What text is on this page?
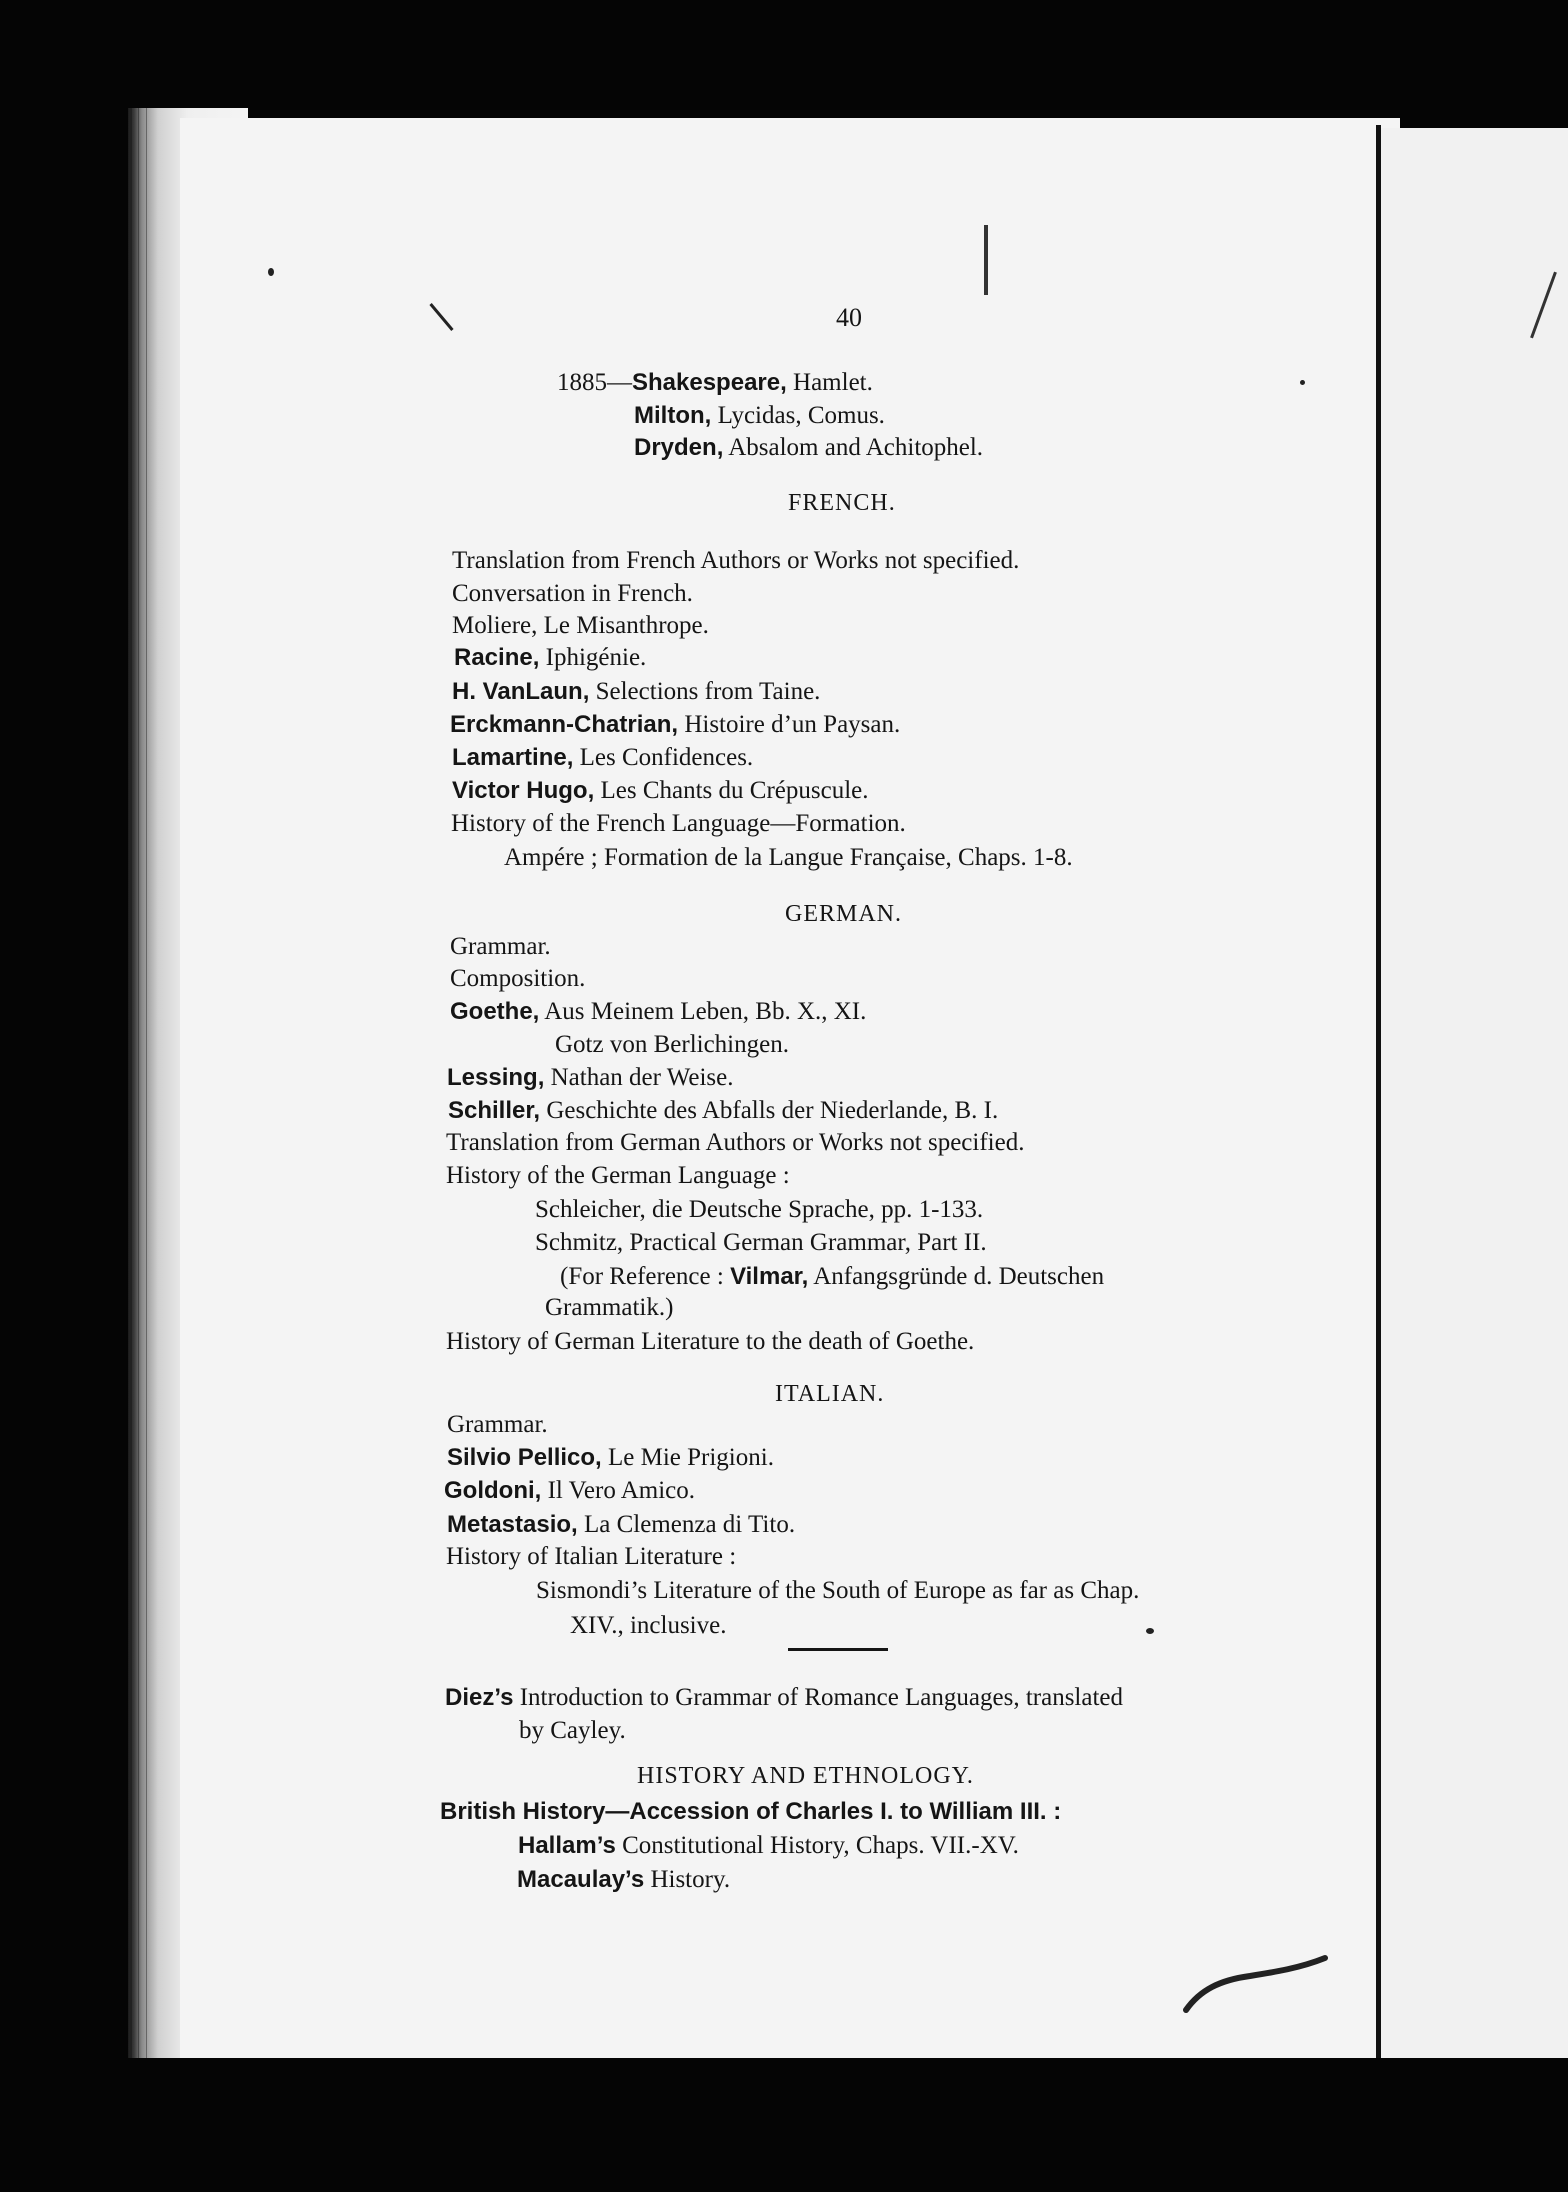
40
1885—Shakespeare, Hamlet.
Milton, Lycidas, Comus.
Dryden, Absalom and Achitophel.
FRENCH.
Translation from French Authors or Works not specified.
Conversation in French.
Moliere, Le Misanthrope.
Racine, Iphigénie.
H. VanLaun, Selections from Taine.
Erckmann-Chatrian, Histoire d’un Paysan.
Lamartine, Les Confidences.
Victor Hugo, Les Chants du Crépuscule.
History of the French Language—Formation.
Ampére ; Formation de la Langue Française, Chaps. 1-8.
GERMAN.
Grammar.
Composition.
Goethe, Aus Meinem Leben, Bb. X., XI.
Gotz von Berlichingen.
Lessing, Nathan der Weise.
Schiller, Geschichte des Abfalls der Niederlande, B. I.
Translation from German Authors or Works not specified.
History of the German Language :
Schleicher, die Deutsche Sprache, pp. 1-133.
Schmitz, Practical German Grammar, Part II.
(For Reference : Vilmar, Anfangsgründe d. Deutschen
Grammatik.)
History of German Literature to the death of Goethe.
ITALIAN.
Grammar.
Silvio Pellico, Le Mie Prigioni.
Goldoni, Il Vero Amico.
Metastasio, La Clemenza di Tito.
History of Italian Literature :
Sismondi’s Literature of the South of Europe as far as Chap.
XIV., inclusive.
Diez’s Introduction to Grammar of Romance Languages, translated
by Cayley.
HISTORY AND ETHNOLOGY.
British History—Accession of Charles I. to William III. :
Hallam’s Constitutional History, Chaps. VII.-XV.
Macaulay’s History.
